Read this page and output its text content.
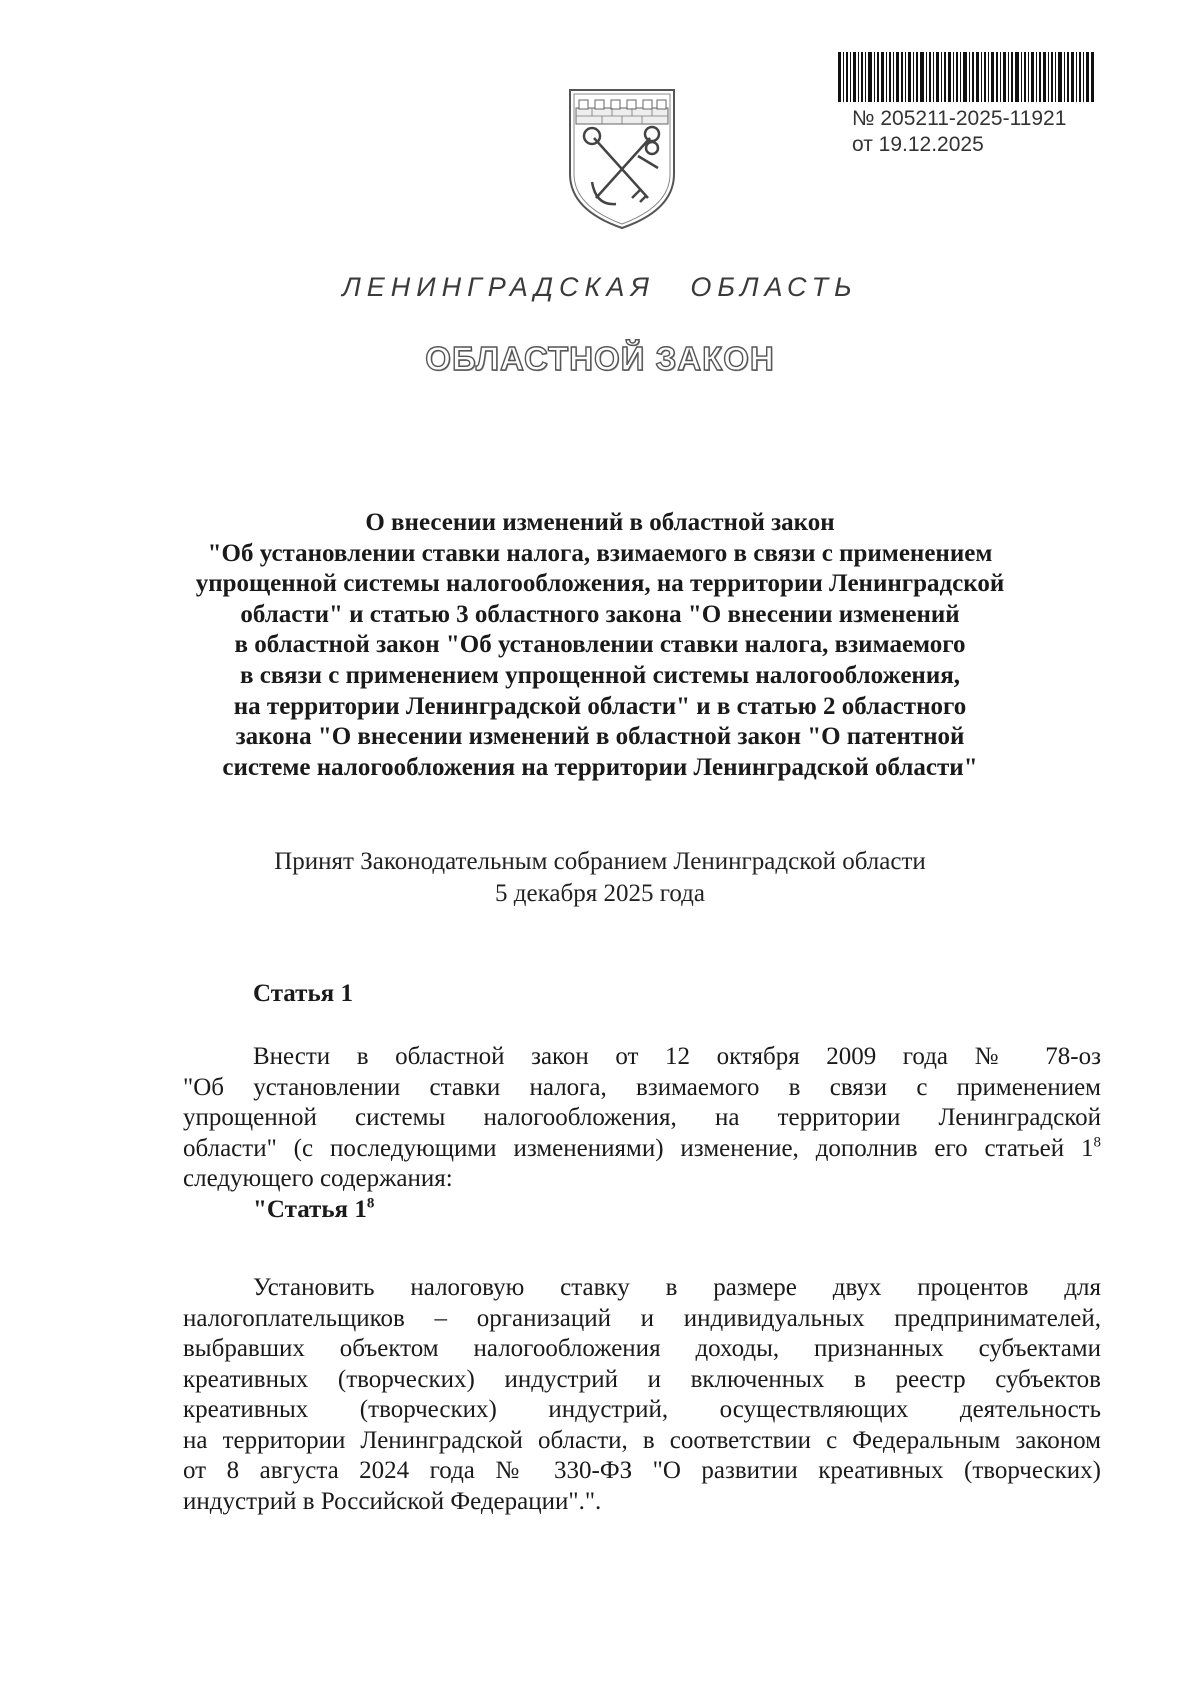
№ 205211-2025-11921
от 19.12.2025
ЛЕНИНГРАДСКАЯ ОБЛАСТЬ
ОБЛАСТНОЙ ЗАКОН
О внесении изменений в областной закон
"Об установлении ставки налога, взимаемого в связи с применением
упрощенной системы налогообложения, на территории Ленинградской
области" и статью 3 областного закона "О внесении изменений
в областной закон "Об установлении ставки налога, взимаемого
в связи с применением упрощенной системы налогообложения,
на территории Ленинградской области" и в статью 2 областного
закона "О внесении изменений в областной закон "О патентной
системе налогообложения на территории Ленинградской области"
Принят Законодательным собранием Ленинградской области
5 декабря 2025 года
Статья 1
Внести в областной закон от 12 октября 2009 года № 78-оз
"Об установлении ставки налога, взимаемого в связи с применением
упрощенной системы налогообложения, на территории Ленинградской
области" (с последующими изменениями) изменение, дополнив его статьей $1^8$
следующего содержания:
"Статья $1^8$
Установить налоговую ставку в размере двух процентов для
налогоплательщиков – организаций и индивидуальных предпринимателей,
выбравших объектом налогообложения доходы, признанных субъектами
креативных (творческих) индустрий и включенных в реестр субъектов
креативных (творческих) индустрий, осуществляющих деятельность
на территории Ленинградской области, в соответствии с Федеральным законом
от 8 августа 2024 года № 330-ФЗ "О развитии креативных (творческих)
индустрий в Российской Федерации".".
